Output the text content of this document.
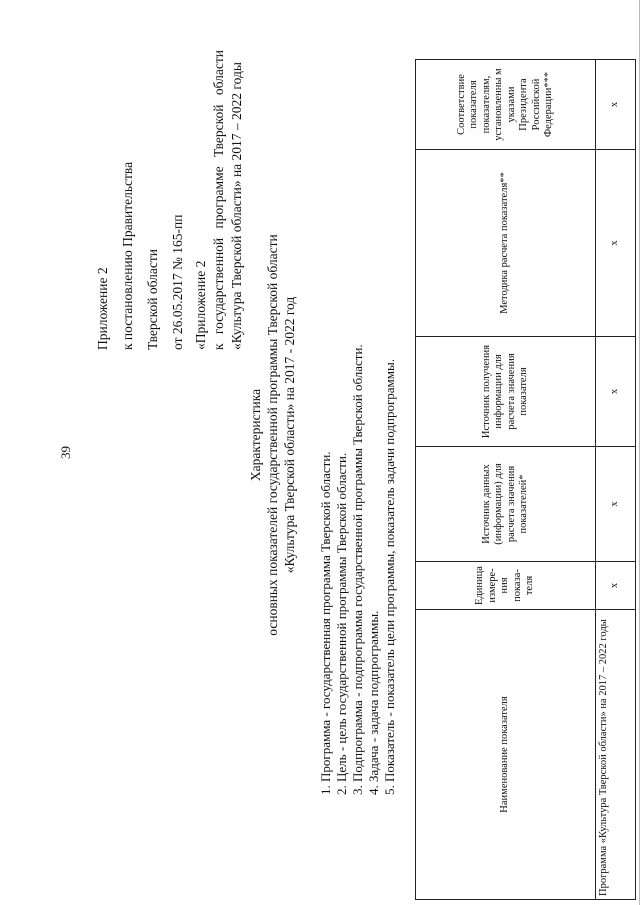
39
Приложение 2 к постановлению Правительства Тверской области от 26.05.2017 № 165-пп «Приложение 2 к
государственной
программе
Тверской
области «Культура Тверской области» на 2017 – 2022 годы
Характеристика основных показателей государственной программы Тверской области «Культура Тверской области» на 2017 - 2022 год
1. Программа - государственная программа Тверской области. 2. Цель - цель государственной программы Тверской области. 3. Подпрограмма - подпрограмма государственной программы Тверской области. 4. Задача - задача подпрограммы. 5. Показатель - показатель цели программы, показатель задачи подпрограммы.	Наименование показателя	Единица измере-ния показа-теля	Источник данных (информации) для расчета значения показателей*	Источник получения информации для расчета значения показателя	Методика расчета показателя**	Соответствие показателя показателям, установленны м указами Президента Российской Федерации***
Программа «Культура Тверской области» на 2017 – 2022 годы	x	x	x	x	x
